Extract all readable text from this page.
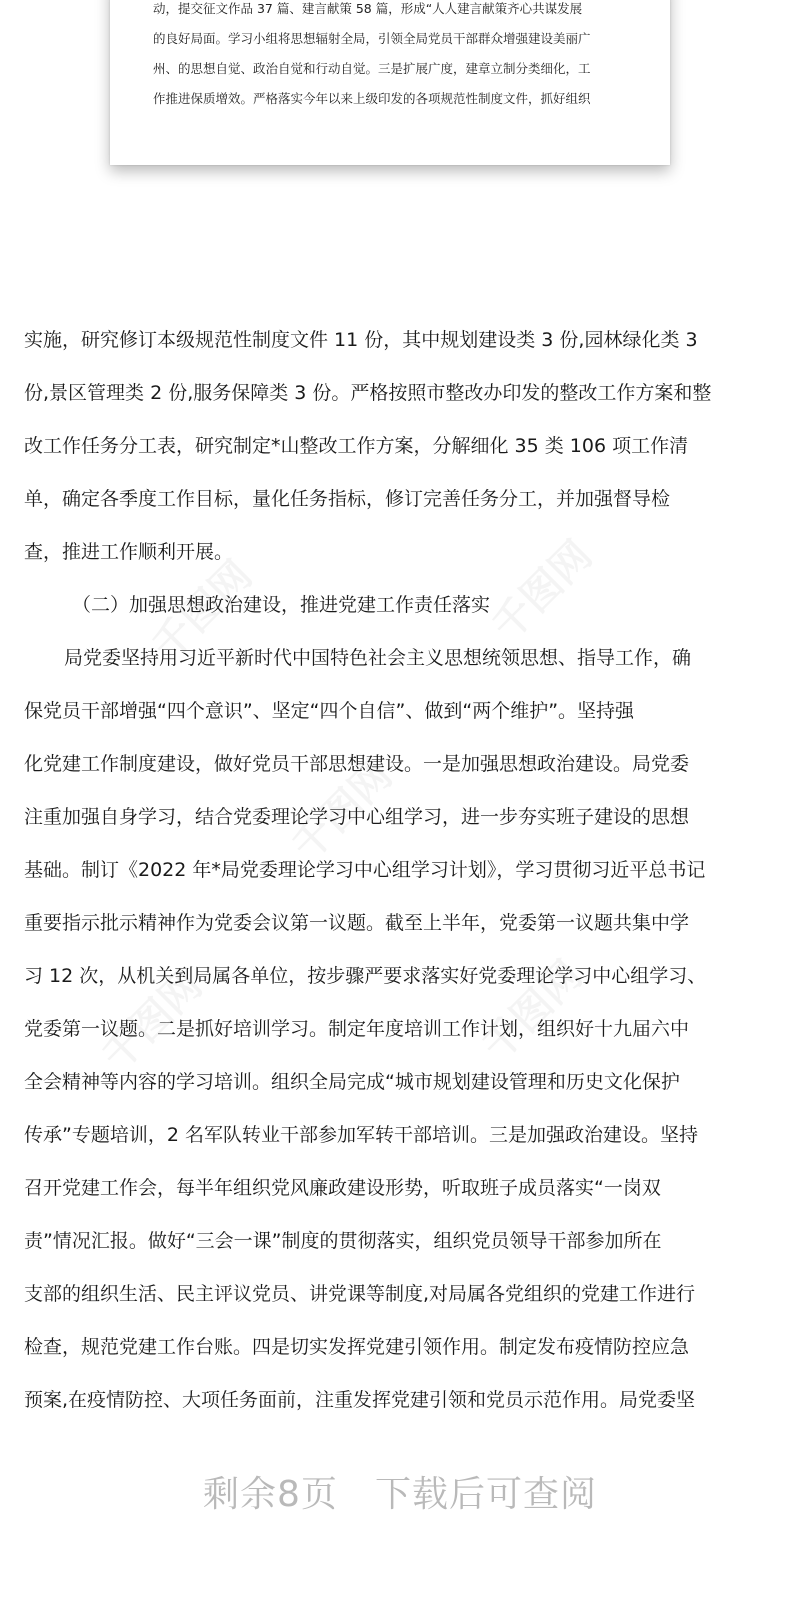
动，提交征文作品 37 篇、建言献策 58 篇，形成“人人建言献策齐心共谋发展
的良好局面。学习小组将思想辐射全局，引领全局党员干部群众增强建设美丽广
州、的思想自觉、政治自觉和行动自觉。三是扩展广度，建章立制分类细化，工
作推进保质增效。严格落实今年以来上级印发的各项规范性制度文件，抓好组织
实施，研究修订本级规范性制度文件 11 份，其中规划建设类 3 份,园林绿化类 3
份,景区管理类 2 份,服务保障类 3 份。严格按照市整改办印发的整改工作方案和整
改工作任务分工表，研究制定*山整改工作方案，分解细化 35 类 106 项工作清
单，确定各季度工作目标，量化任务指标，修订完善任务分工，并加强督导检
查，推进工作顺利开展。
（二）加强思想政治建设，推进党建工作责任落实
局党委坚持用习近平新时代中国特色社会主义思想统领思想、指导工作，确
保党员干部增强“四个意识”、坚定“四个自信”、做到“两个维护”。坚持强
化党建工作制度建设，做好党员干部思想建设。一是加强思想政治建设。局党委
注重加强自身学习，结合党委理论学习中心组学习，进一步夯实班子建设的思想
基础。制订《2022 年*局党委理论学习中心组学习计划》，学习贯彻习近平总书记
重要指示批示精神作为党委会议第一议题。截至上半年，党委第一议题共集中学
习 12 次，从机关到局属各单位，按步骤严要求落实好党委理论学习中心组学习、
党委第一议题。二是抓好培训学习。制定年度培训工作计划，组织好十九届六中
全会精神等内容的学习培训。组织全局完成“城市规划建设管理和历史文化保护
传承”专题培训，2 名军队转业干部参加军转干部培训。三是加强政治建设。坚持
召开党建工作会，每半年组织党风廉政建设形势，听取班子成员落实“一岗双
责”情况汇报。做好“三会一课”制度的贯彻落实，组织党员领导干部参加所在
支部的组织生活、民主评议党员、讲党课等制度,对局属各党组织的党建工作进行
检查，规范党建工作台账。四是切实发挥党建引领作用。制定发布疫情防控应急
预案,在疫情防控、大项任务面前，注重发挥党建引领和党员示范作用。局党委坚
剩余8页　下载后可查阅
